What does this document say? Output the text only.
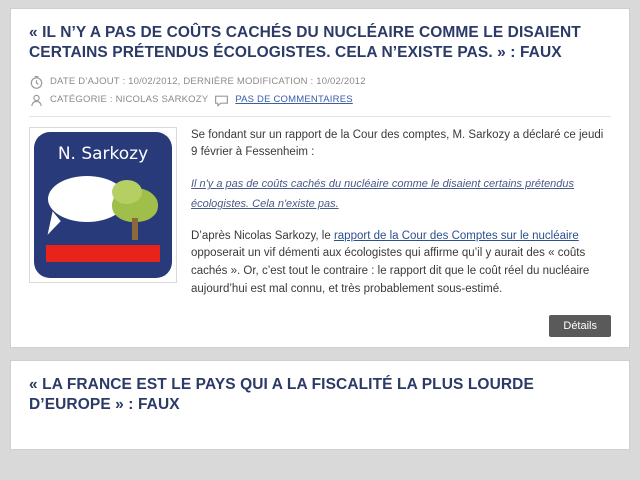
« IL N’Y A PAS DE COÛTS CACHÉS DU NUCLÉAIRE COMME LE DISAIENT CERTAINS PRÉTENDUS ÉCOLOGISTES. CELA N’EXISTE PAS. » : FAUX
DATE D’AJOUT : 10/02/2012, DERNIÈRE MODIFICATION : 10/02/2012
CATÉGORIE : NICOLAS SARKOZY	PAS DE COMMENTAIRES
N. Sarkozy

Se fondant sur un rapport de la Cour des comptes, M. Sarkozy a déclaré ce jeudi 9 février à Fessenheim :

Il n'y a pas de coûts cachés du nucléaire comme le disaient certains prétendus écologistes. Cela n'existe pas.

D’après Nicolas Sarkozy, le rapport de la Cour des Comptes sur le nucléaire opposerait un vif démenti aux écologistes qui affirme qu’il y aurait des « coûts cachés ». Or, c’est tout le contraire : le rapport dit que le coût réel du nucléaire aujourd’hui est mal connu, et très probablement sous-estimé.

Détails
« LA FRANCE EST LE PAYS QUI A LA FISCALITÉ LA PLUS LOURDE D’EUROPE » : FAUX
